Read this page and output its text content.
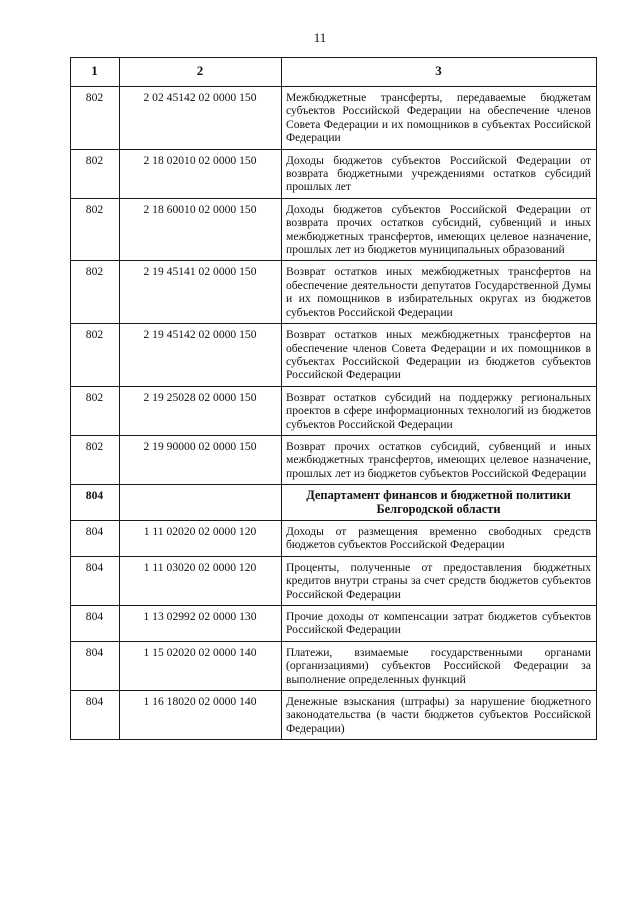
11
1	2	3
802	2 02 45142 02 0000 150	Межбюджетные трансферты, передаваемые бюджетам субъектов Российской Федерации на обеспечение членов Совета Федерации и их помощников в субъектах Российской Федерации
802	2 18 02010 02 0000 150	Доходы бюджетов субъектов Российской Федерации от возврата бюджетными учреждениями остатков субсидий прошлых лет
802	2 18 60010 02 0000 150	Доходы бюджетов субъектов Российской Федерации от возврата прочих остатков субсидий, субвенций и иных межбюджетных трансфертов, имеющих целевое назначение, прошлых лет из бюджетов муниципальных образований
802	2 19 45141 02 0000 150	Возврат остатков иных межбюджетных трансфертов на обеспечение деятельности депутатов Государственной Думы и их помощников в избирательных округах из бюджетов субъектов Российской Федерации
802	2 19 45142 02 0000 150	Возврат остатков иных межбюджетных трансфертов на обеспечение членов Совета Федерации и их помощников в субъектах Российской Федерации из бюджетов субъектов Российской Федерации
802	2 19 25028 02 0000 150	Возврат остатков субсидий на поддержку региональных проектов в сфере информационных технологий из бюджетов субъектов Российской Федерации
802	2 19 90000 02 0000 150	Возврат прочих остатков субсидий, субвенций и иных межбюджетных трансфертов, имеющих целевое назначение, прошлых лет из бюджетов субъектов Российской Федерации
804		Департамент финансов и бюджетной политики Белгородской области
804	1 11 02020 02 0000 120	Доходы от размещения временно свободных средств бюджетов субъектов Российской Федерации
804	1 11 03020 02 0000 120	Проценты, полученные от предоставления бюджетных кредитов внутри страны за счет средств бюджетов субъектов Российской Федерации
804	1 13 02992 02 0000 130	Прочие доходы от компенсации затрат бюджетов субъектов Российской Федерации
804	1 15 02020 02 0000 140	Платежи, взимаемые государственными органами (организациями) субъектов Российской Федерации за выполнение определенных функций
804	1 16 18020 02 0000 140	Денежные взыскания (штрафы) за нарушение бюджетного законодательства (в части бюджетов субъектов Российской Федерации)
